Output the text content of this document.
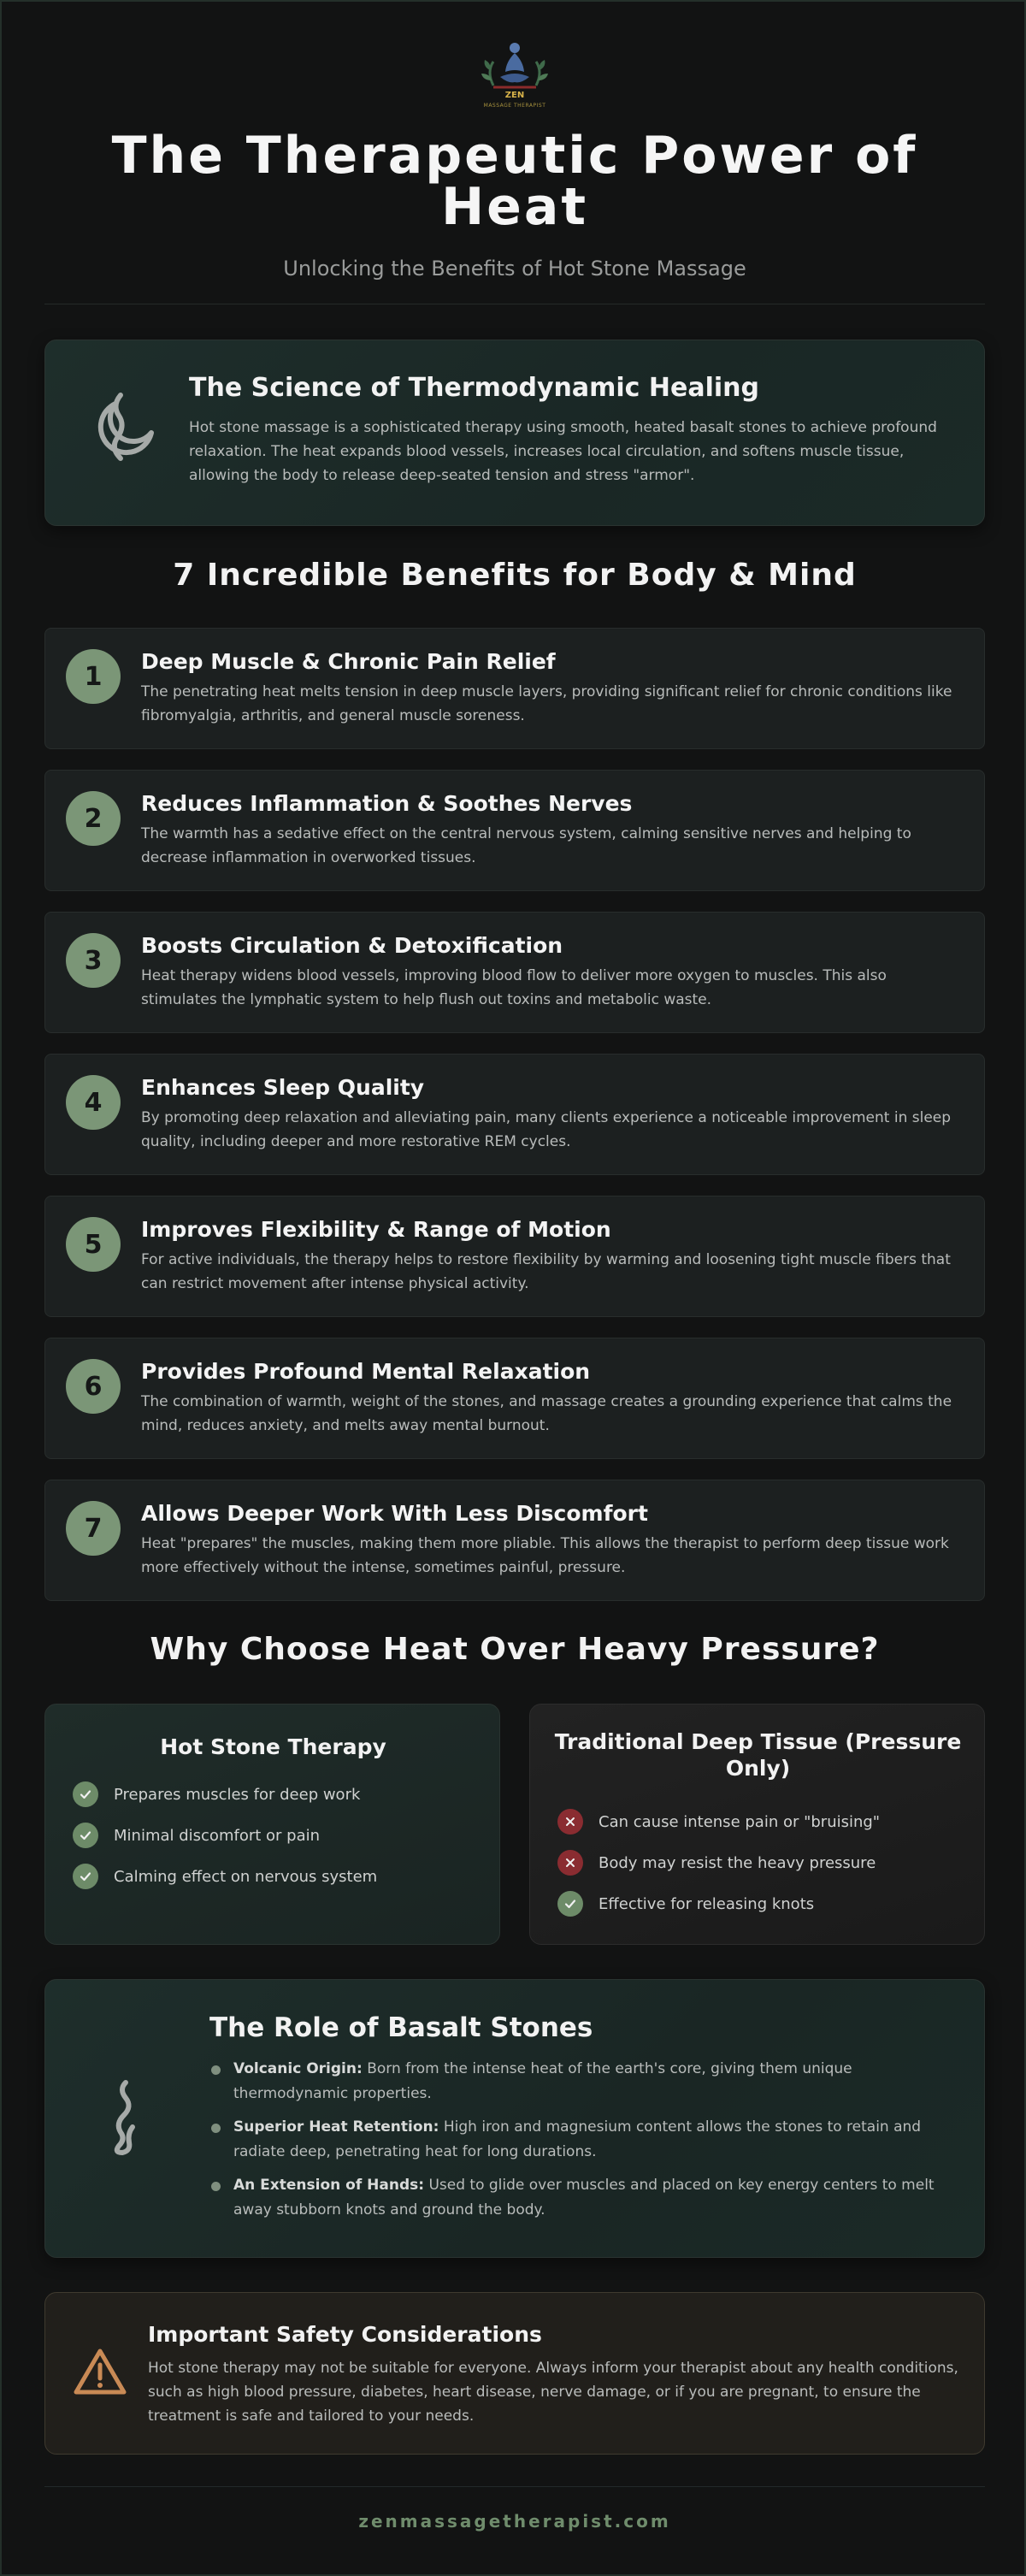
ZEN
MASSAGE THERAPIST
The Therapeutic Power of Heat
Unlocking the Benefits of Hot Stone Massage
The Science of Thermodynamic Healing

Hot stone massage is a sophisticated therapy using smooth, heated basalt stones to achieve profound relaxation. The heat expands blood vessels, increases local circulation, and softens muscle tissue, allowing the body to release deep-seated tension and stress "armor".

7 Incredible Benefits for Body & Mind
1	Deep Muscle & Chronic Pain Relief

The penetrating heat melts tension in deep muscle layers, providing significant relief for chronic conditions like fibromyalgia, arthritis, and general muscle soreness.

2	Reduces Inflammation & Soothes Nerves

The warmth has a sedative effect on the central nervous system, calming sensitive nerves and helping to decrease inflammation in overworked tissues.

3	Boosts Circulation & Detoxification

Heat therapy widens blood vessels, improving blood flow to deliver more oxygen to muscles. This also stimulates the lymphatic system to help flush out toxins and metabolic waste.

4	Enhances Sleep Quality

By promoting deep relaxation and alleviating pain, many clients experience a noticeable improvement in sleep quality, including deeper and more restorative REM cycles.

5	Improves Flexibility & Range of Motion

For active individuals, the therapy helps to restore flexibility by warming and loosening tight muscle fibers that can restrict movement after intense physical activity.

6	Provides Profound Mental Relaxation

The combination of warmth, weight of the stones, and massage creates a grounding experience that calms the mind, reduces anxiety, and melts away mental burnout.

7	Allows Deeper Work With Less Discomfort

Heat "prepares" the muscles, making them more pliable. This allows the therapist to perform deep tissue work more effectively without the intense, sometimes painful, pressure.

Why Choose Heat Over Heavy Pressure?
Hot Stone Therapy
Prepares muscles for deep work
Minimal discomfort or pain
Calming effect on nervous system
Traditional Deep Tissue (Pressure Only)
Can cause intense pain or "bruising"
Body may resist the heavy pressure
Effective for releasing knots
The Role of Basalt Stones
Volcanic Origin: Born from the intense heat of the earth's core, giving them unique thermodynamic properties.
Superior Heat Retention: High iron and magnesium content allows the stones to retain and radiate deep, penetrating heat for long durations.
An Extension of Hands: Used to glide over muscles and placed on key energy centers to melt away stubborn knots and ground the body.
Important Safety Considerations

Hot stone therapy may not be suitable for everyone. Always inform your therapist about any health conditions, such as high blood pressure, diabetes, heart disease, nerve damage, or if you are pregnant, to ensure the treatment is safe and tailored to your needs.

zenmassagetherapist.com
